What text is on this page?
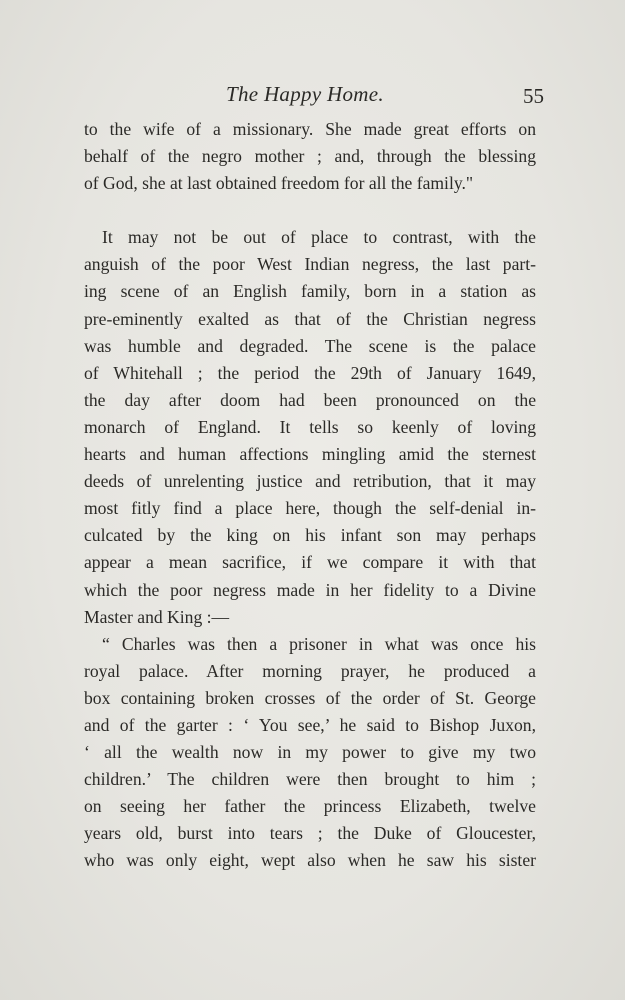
The Happy Home.	55
to the wife of a missionary. She made great efforts on
behalf of the negro mother ; and, through the blessing
of God, she at last obtained freedom for all the family."
It may not be out of place to contrast, with the
anguish of the poor West Indian negress, the last part-
ing scene of an English family, born in a station as
pre-eminently exalted as that of the Christian negress
was humble and degraded. The scene is the palace
of Whitehall ; the period the 29th of January 1649,
the day after doom had been pronounced on the
monarch of England. It tells so keenly of loving
hearts and human affections mingling amid the sternest
deeds of unrelenting justice and retribution, that it may
most fitly find a place here, though the self-denial in-
culcated by the king on his infant son may perhaps
appear a mean sacrifice, if we compare it with that
which the poor negress made in her fidelity to a Divine
Master and King :—
“ Charles was then a prisoner in what was once his
royal palace. After morning prayer, he produced a
box containing broken crosses of the order of St. George
and of the garter : ‘ You see,’ he said to Bishop Juxon,
‘ all the wealth now in my power to give my two
children.’ The children were then brought to him ;
on seeing her father the princess Elizabeth, twelve
years old, burst into tears ; the Duke of Gloucester,
who was only eight, wept also when he saw his sister
